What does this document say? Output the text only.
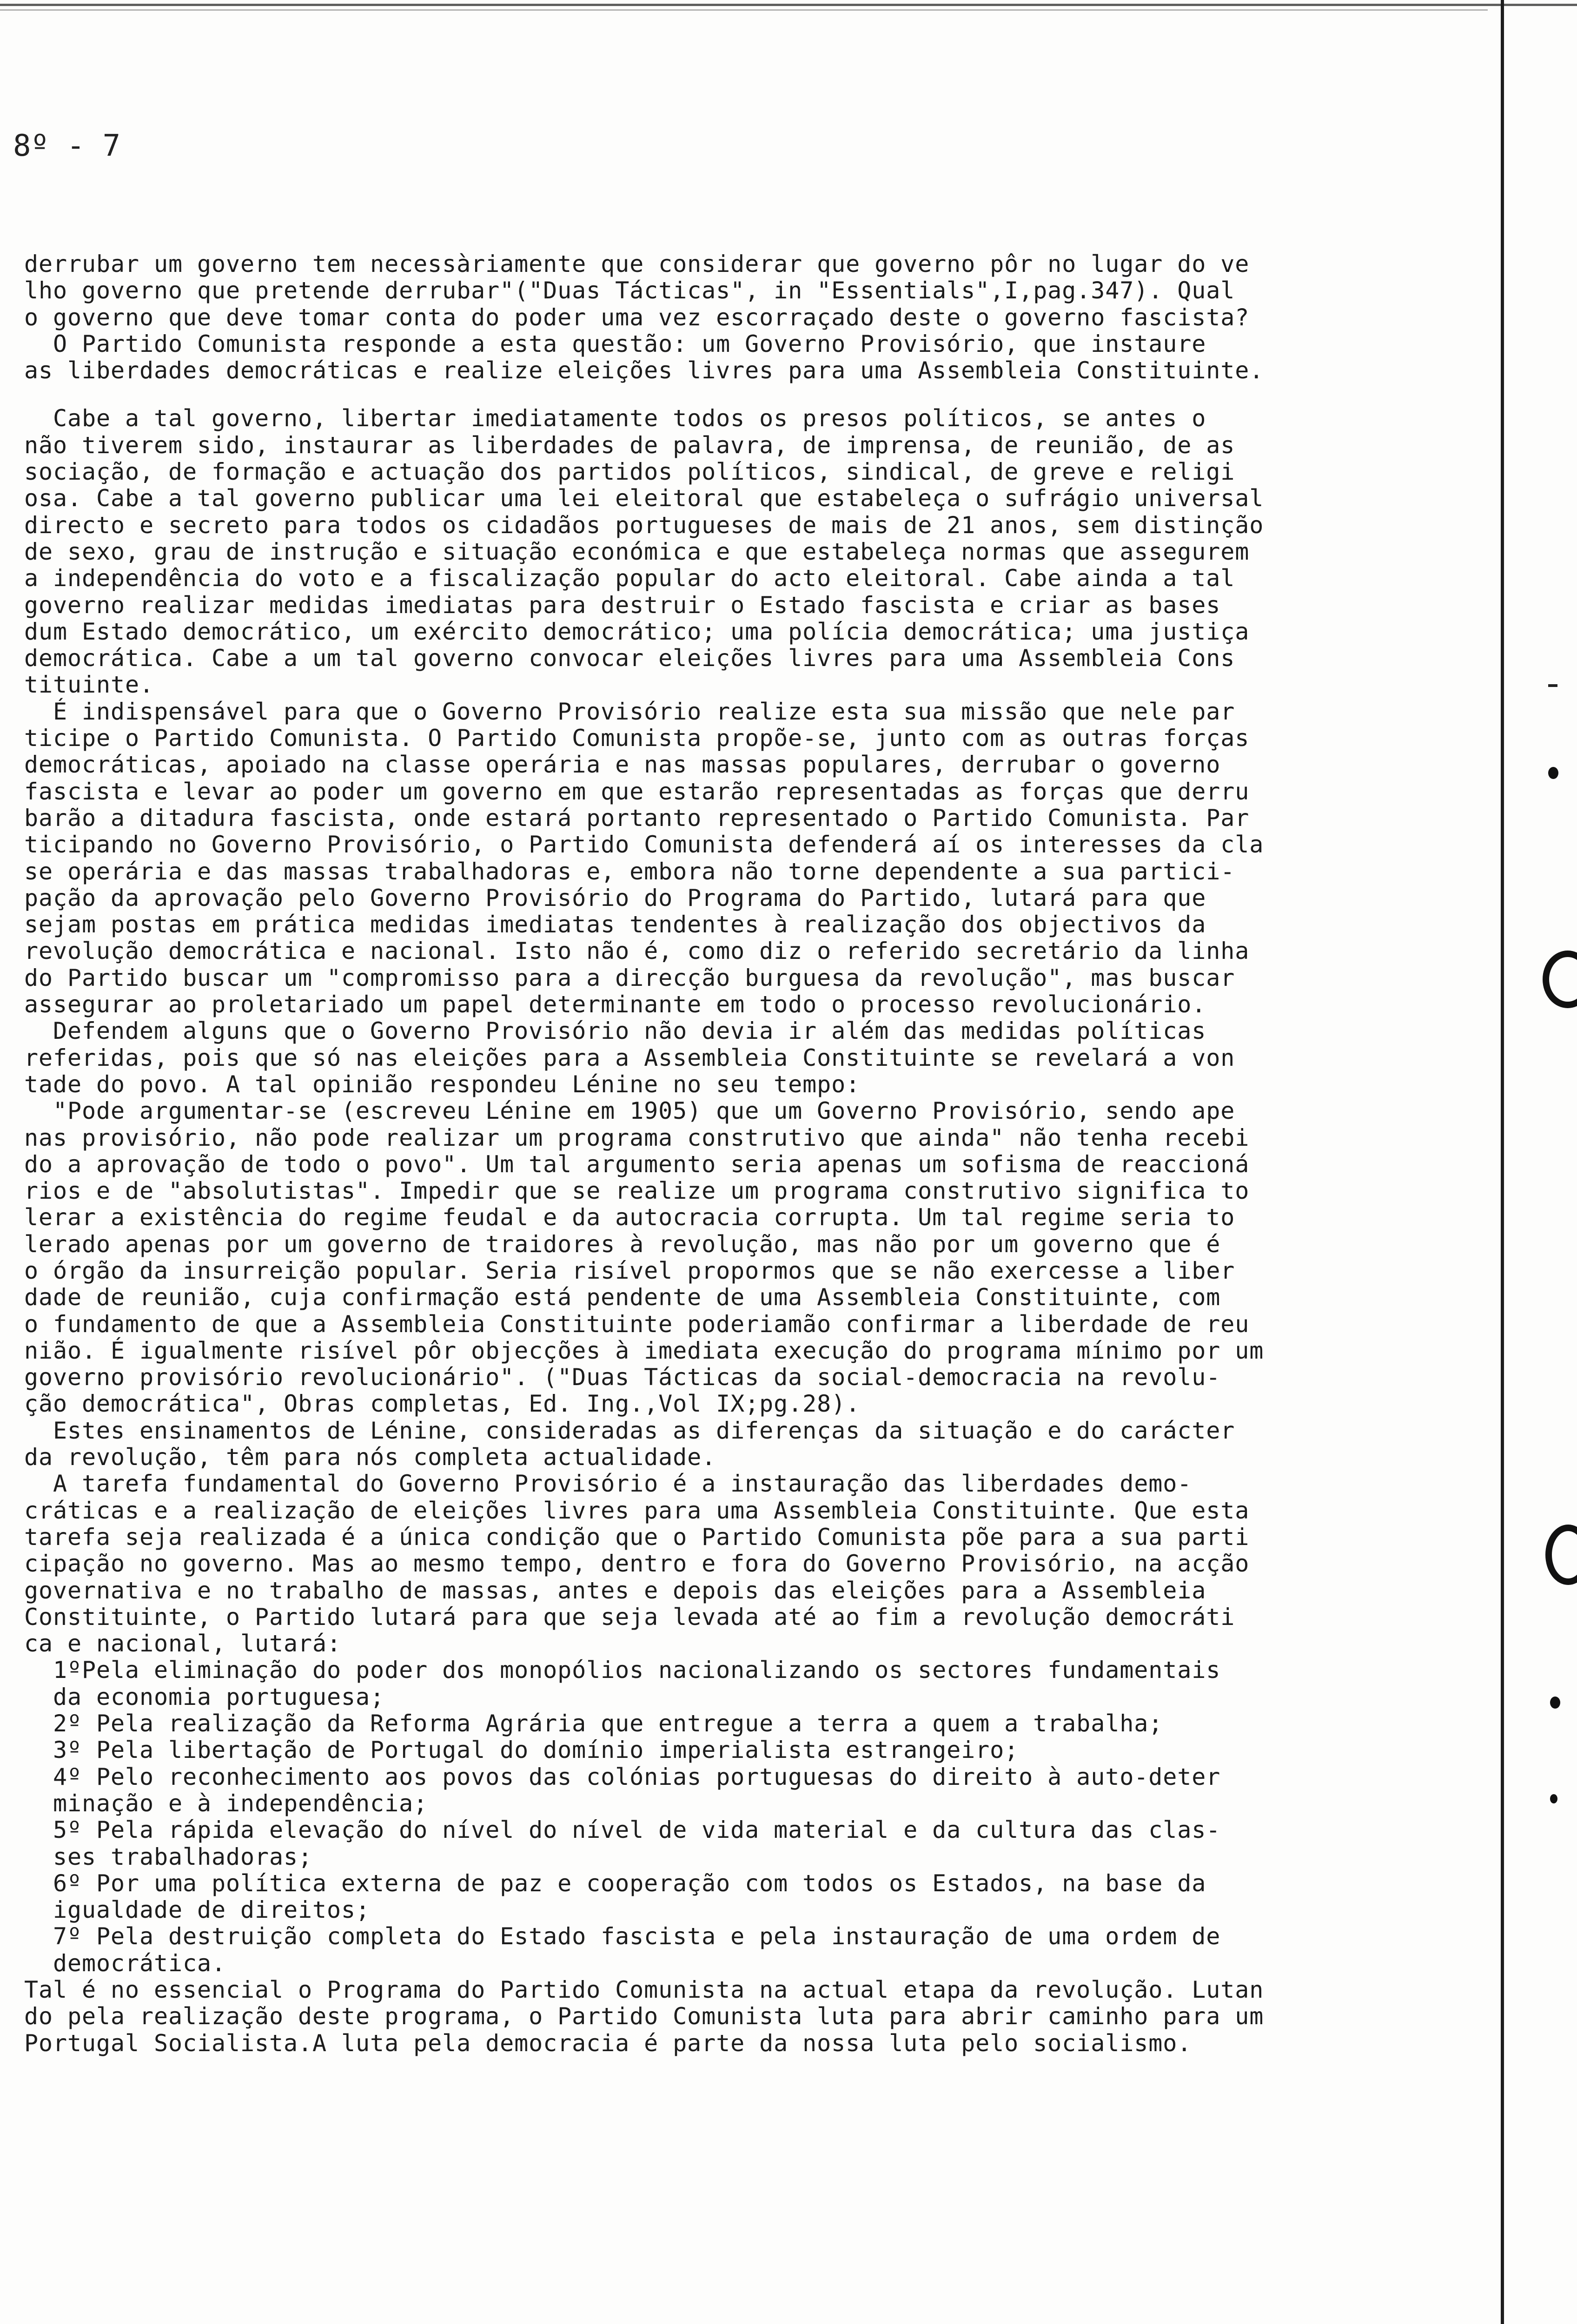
8º - 7
derrubar um governo tem necessàriamente que considerar que governo pôr no lugar do ve
lho governo que pretende derrubar"("Duas Tácticas", in "Essentials",I,pag.347). Qual
o governo que deve tomar conta do poder uma vez escorraçado deste o governo fascista?
O Partido Comunista responde a esta questão: um Governo Provisório, que instaure
as liberdades democráticas e realize eleições livres para uma Assembleia Constituinte.
Cabe a tal governo, libertar imediatamente todos os presos políticos, se antes o
não tiverem sido, instaurar as liberdades de palavra, de imprensa, de reunião, de as
sociação, de formação e actuação dos partidos políticos, sindical, de greve e religi
osa. Cabe a tal governo publicar uma lei eleitoral que estabeleça o sufrágio universal
directo e secreto para todos os cidadãos portugueses de mais de 21 anos, sem distinção
de sexo, grau de instrução e situação económica e que estabeleça normas que assegurem
a independência do voto e a fiscalização popular do acto eleitoral. Cabe ainda a tal
governo realizar medidas imediatas para destruir o Estado fascista e criar as bases
dum Estado democrático, um exército democrático; uma polícia democrática; uma justiça
democrática. Cabe a um tal governo convocar eleições livres para uma Assembleia Cons
tituinte.
É indispensável para que o Governo Provisório realize esta sua missão que nele par
ticipe o Partido Comunista. O Partido Comunista propõe-se, junto com as outras forças
democráticas, apoiado na classe operária e nas massas populares, derrubar o governo
fascista e levar ao poder um governo em que estarão representadas as forças que derru
barão a ditadura fascista, onde estará portanto representado o Partido Comunista. Par
ticipando no Governo Provisório, o Partido Comunista defenderá aí os interesses da cla
se operária e das massas trabalhadoras e, embora não torne dependente a sua partici-
pação da aprovação pelo Governo Provisório do Programa do Partido, lutará para que
sejam postas em prática medidas imediatas tendentes à realização dos objectivos da
revolução democrática e nacional. Isto não é, como diz o referido secretário da linha
do Partido buscar um "compromisso para a direcção burguesa da revolução", mas buscar
assegurar ao proletariado um papel determinante em todo o processo revolucionário.
Defendem alguns que o Governo Provisório não devia ir além das medidas políticas
referidas, pois que só nas eleições para a Assembleia Constituinte se revelará a von
tade do povo. A tal opinião respondeu Lénine no seu tempo:
"Pode argumentar-se (escreveu Lénine em 1905) que um Governo Provisório, sendo ape
nas provisório, não pode realizar um programa construtivo que ainda" não tenha recebi
do a aprovação de todo o povo". Um tal argumento seria apenas um sofisma de reaccioná
rios e de "absolutistas". Impedir que se realize um programa construtivo significa to
lerar a existência do regime feudal e da autocracia corrupta. Um tal regime seria to
lerado apenas por um governo de traidores à revolução, mas não por um governo que é
o órgão da insurreição popular. Seria risível propormos que se não exercesse a liber
dade de reunião, cuja confirmação está pendente de uma Assembleia Constituinte, com
o fundamento de que a Assembleia Constituinte poderiamão confirmar a liberdade de reu
nião. É igualmente risível pôr objecções à imediata execução do programa mínimo por um
governo provisório revolucionário". ("Duas Tácticas da social-democracia na revolu-
ção democrática", Obras completas, Ed. Ing.,Vol IX;pg.28).
Estes ensinamentos de Lénine, consideradas as diferenças da situação e do carácter
da revolução, têm para nós completa actualidade.
A tarefa fundamental do Governo Provisório é a instauração das liberdades demo-
cráticas e a realização de eleições livres para uma Assembleia Constituinte. Que esta
tarefa seja realizada é a única condição que o Partido Comunista põe para a sua parti
cipação no governo. Mas ao mesmo tempo, dentro e fora do Governo Provisório, na acção
governativa e no trabalho de massas, antes e depois das eleições para a Assembleia
Constituinte, o Partido lutará para que seja levada até ao fim a revolução democráti
ca e nacional, lutará:
1ºPela eliminação do poder dos monopólios nacionalizando os sectores fundamentais
da economia portuguesa;
2º Pela realização da Reforma Agrária que entregue a terra a quem a trabalha;
3º Pela libertação de Portugal do domínio imperialista estrangeiro;
4º Pelo reconhecimento aos povos das colónias portuguesas do direito à auto-deter
minação e à independência;
5º Pela rápida elevação do nível do nível de vida material e da cultura das clas-
ses trabalhadoras;
6º Por uma política externa de paz e cooperação com todos os Estados, na base da
igualdade de direitos;
7º Pela destruição completa do Estado fascista e pela instauração de uma ordem de
democrática.
Tal é no essencial o Programa do Partido Comunista na actual etapa da revolução. Lutan
do pela realização deste programa, o Partido Comunista luta para abrir caminho para um
Portugal Socialista.A luta pela democracia é parte da nossa luta pelo socialismo.
